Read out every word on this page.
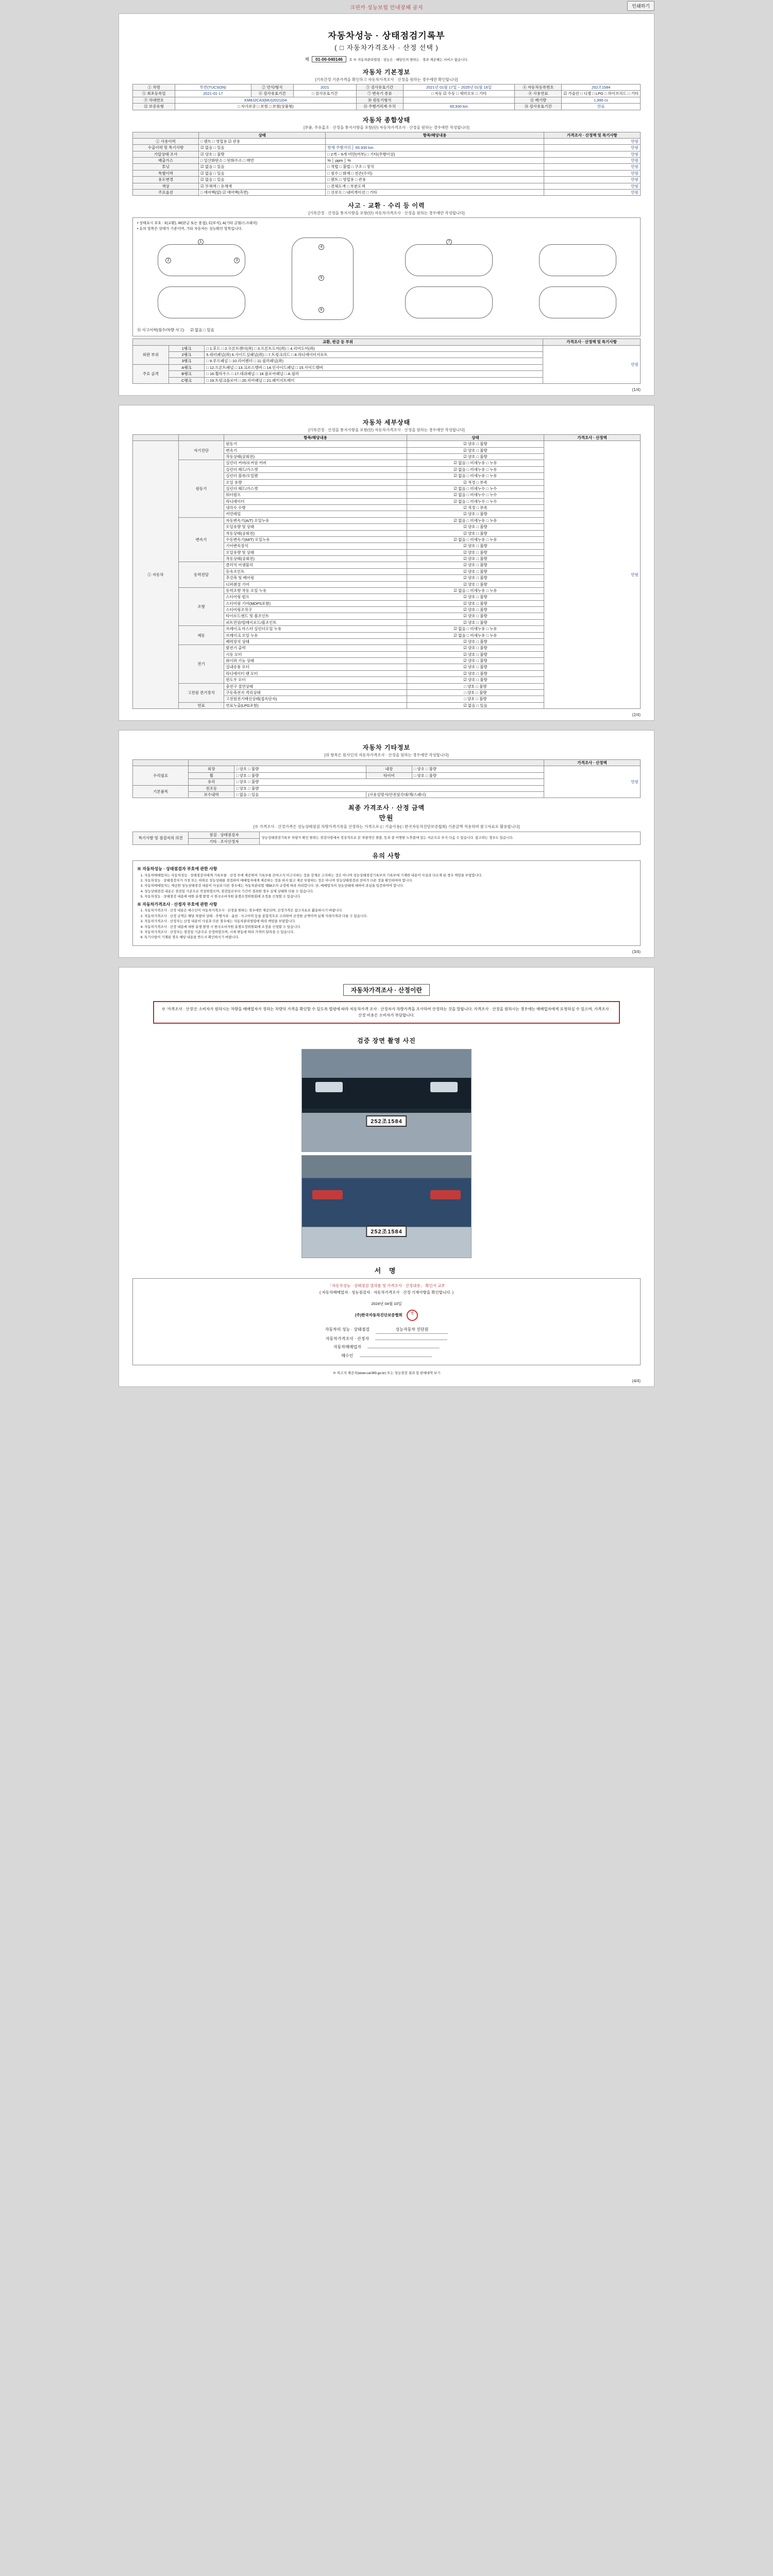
크린카 성능보험 안내장패 공지	인쇄하기
자동차성능 · 상태점검기록부
( □ 자동차가격조사 · 산정 선택 )
제 01-00-040146 호 ※ 자동차관리법령 · 성능은 · 해당인의 범위는 · 경과 제공해는 서비스 없습니다.
자동차 기본정보
[기록간정 기준가격을 확인하고 자동차가격조사 · 산정을 원하는 경우에만 확인합니다]
① 차명	투싼(TUCSON)	② 연식/형식	2021	③ 검사유효기간	2021년 01월 17일 ~ 2025년 01월 16일	④ 자동차등록번호	252조1584
⑤ 최초등록일	2021-01-17	⑥ 검사유효기간	□ 검사유효기간	⑦ 변속기 종류	□ 자동 ☑ 수동 □ 세미오토 □ 기타	⑧ 사용연료	☑ 가솔린 □ 디젤 □ LPG □ 하이브리드 □ 기타
⑨ 차대번호	KM8J2CA3(MU)2021(04			⑩ 원동기형식		⑪ 배기량	1,995 cc
⑫ 보증유형	□ 자가보증 □ 보험 □ 보험(상품형)			⑬ 주행거리계 수치	65,930 km	⑭ 검사유효기간	만료
자동차 종합상태
[부품, 주유홈조 · 산정을 통지사항을 포함(단) 자동차가격조사 · 산정을 원하는 경우에만 작성합니다]
	상태	항목/해당내용	가격조사 · 산정액 및 특기사항
① 사용이력	□ 렌트 □ 영업용 ☑ 관용		만원
수출이력 및 특기사항	☑ 없음 □ 있음	현재 주행거리 │ 65,930 km	만원
가압상태 조사	☑ 양호 □ 불량	□ 2개 ~ 6개 미만(여부) □ 기타(주행이상)	만원
배출가스	□ 일산화탄소 □ 탄화수소 □ 매연	% │ ppm │ %	만원
튜닝	☑ 없음 □ 있음	□ 적법 □ 불법 □ 구조 □ 장치	만원
특별이력	☑ 없음 □ 있음	□ 침수 □ 화재 □ 전손(수리)	만원
용도변경	☑ 없음 □ 있음	□ 렌트 □ 영업용 □ 관용	만원
색상	☑ 무채색 □ 유채색	□ 전체도색 □ 부분도색	만원
주요옵션	□ 에어백(앞) ☑ 에어백(측면)	□ 선루프 □ 내비게이션 □ 기타	만원
사고 · 교환 · 수리 등 이력
[기록간정 · 산정을 통지사항을 포함(단) 자동차가격조사 · 산정을 원하는 경우에만 작성합니다]
• 상태표시 부호 : X(교환), W(판금 또는 용접), C(부식), A(기타 긁힘/스크래치)
• 유의 항목은 상태가 기준이며, 기타 자동차는 성능확인 항목입니다.
1
2	3
4
5
6
7
⑮ 사고이력(침수/차량 사고) ☑ 없음 □ 있음
교환, 판금 등 부위			가격조사 · 산정액 및 특기사항
외판 부위	1랭크	□ 1.후드 □ 2.프론트펜더(좌) □ 3.프론트도어(좌) □ 4.리어도어(좌)	만원
	2랭크	5.쿼터패널(좌) 6.사이드실패널(좌) □ 7.트렁크리드 □ 8.라디에이터서포트	
	3랭크	□ 9.루프패널 □ 10.리어펜더 □ 11.필러패널(좌)	
주요 골격	A랭크	□ 12.프론트패널 □ 13.크로스멤버 □ 14.인사이드패널 □ 15.사이드멤버	
	B랭크	□ 16.휠하우스 □ 17.대쉬패널 □ 18.플로어패널 □ A.필러	
	C랭크	□ 19.트렁크플로어 □ 20.리어패널 □ 21.패키지트레이	
(1/4)
자동차 세부상태
[기록간정 · 산정을 통지사항을 포함(단) 자동차가격조사 · 산정을 원하는 경우에만 작성합니다]
		항목/해당내용	상태	가격조사 · 산정액
① 자동차	자기진단	원동기	☑ 양호 □ 불량	만원
		변속기	☑ 양호 □ 불량	
		작동상태(공회전)	☑ 양호 □ 불량	
	원동기	실린더 커버/로커암 커버	☑ 없음 □ 미세누유 □ 누유	
		실린더 헤드/가스켓	☑ 없음 □ 미세누유 □ 누유	
		실린더 블록/오일팬	☑ 없음 □ 미세누유 □ 누유	
		오일 유량	☑ 적정 □ 부족	
		실린더 헤드/가스켓	☑ 없음 □ 미세누수 □ 누수	
		워터펌프	☑ 없음 □ 미세누수 □ 누수	
		라디에이터	☑ 없음 □ 미세누수 □ 누수	
		냉각수 수량	☑ 적정 □ 부족	
		커먼레일	☑ 양호 □ 불량	
	변속기	자동변속기(A/T) 오일누유	☑ 없음 □ 미세누유 □ 누유	
		오일유량 및 상태	☑ 양호 □ 불량	
		작동상태(공회전)	☑ 양호 □ 불량	
		수동변속기(M/T) 오일누유	☑ 없음 □ 미세누유 □ 누유	
		기어변속장치	☑ 양호 □ 불량	
		오일유량 및 상태	☑ 양호 □ 불량	
		작동상태(공회전)	☑ 양호 □ 불량	
	동력전달	클러치 어셈블리	☑ 양호 □ 불량	
		등속조인트	☑ 양호 □ 불량	
		추진축 및 베어링	☑ 양호 □ 불량	
		디퍼렌셜 기어	☑ 양호 □ 불량	
	조향	동력조향 작동 오일 누유	☑ 없음 □ 미세누유 □ 누유	
		스티어링 펌프	☑ 양호 □ 불량	
		스티어링 기어(MDPS포함)	☑ 양호 □ 불량	
		스티어링조작구	☑ 양호 □ 불량	
		타이로드엔드 및 볼조인트	☑ 양호 □ 불량	
		피트먼암/릴레이로드/볼조인트	☑ 양호 □ 불량	
	제동	브레이크 마스터 실린더오일 누유	☑ 없음 □ 미세누유 □ 누유	
		브레이크 오일 누유	☑ 없음 □ 미세누유 □ 누유	
		배력장치 상태	☑ 양호 □ 불량	
	전기	발전기 출력	☑ 양호 □ 불량	
		시동 모터	☑ 양호 □ 불량	
		와이퍼 기능 상태	☑ 양호 □ 불량	
		실내송풍 모터	☑ 양호 □ 불량	
		라디에이터 팬 모터	☑ 양호 □ 불량	
		윈도우 모터	☑ 양호 □ 불량	
	고전원 전기장치	충전구 절연상태	□ 양호 □ 불량	
		구동축전지 격리상태	□ 양호 □ 불량	
		고전원전기배선상태(접속단자)	□ 양호 □ 불량	
	연료	연료누출(LPG포함)	☑ 없음 □ 있음	
(2/4)
자동차 기타정보
[위 항목은 원사인의 자동차가격조사 · 산정을 원하는 경우에만 작성합니다]
					가격조사 · 산정액
수리필요	외장	□ 양호 □ 불량	내장	□ 양호 □ 불량	만원
	휠	□ 양호 □ 불량	타이어	□ 양호 □ 불량	
	유리	□ 양호 □ 불량			
기본품목	전조등	□ 양호 □ 불량			
	보수내역	□ 없음 □ 있음	(사용설명서/안전삼각대/잭/스패너)		
최종 가격조사 · 산정 금액
만원
[※ 가격조사 · 산정가격은 성능상태점검 차량가격기록을 산정하는 가격으로 (□ 기술사용(□ 한국자동차진단보증협회) 기준금액 적용하며 참고자료로 활용합니다]
특기사항 및 점검자의 의견	점검 · 상태점검자	성능상태점검기록부 차량가 확인 범위는 점검사항에서 정상적으로 본 차량적인 현품, 등과 잘 이행한 노후품에 있는 저온으로 부식 다음 수 있습니다. 참고하는 경우도 있습니다.
기타 · 조사산정자
유의 사항
※ 자동차성능 · 상태점검자 부호에 관한 사항
1. 자동차매매업자는 자동차성능 · 상태점검자에게 기록부를 · 산정 부에 제공하여 기록부를 잔여고지 미고지하는 것을 강제로 고지하는 것은 아니며 성능상태점검기록부의 기록부에 기재한 내용이 사실과 다르게 된 경우 책임을 부담합니다.
2. 자동차성능 · 상태점검자가 거짓 또는 허위로 성능상태를 점검하여 매매업자에게 제공하는 것을 하지 않고 제공 부담하는 것은 아니며 성능상태점검과 잔여가 다른 것을 확인하여야 합니다.
3. 자동차매매업자는 제공한 성능상태점검 내용이 사실과 다른 경우에는 자동차관리법 제58조의 규정에 따라 처리합니다. 단, 매매업자의 성능상태에 대하여 과실을 입증하여야 합니다.
4. 성능상태점검 내용은 점검일 기준으로 작성하였으며, 점검일로부터 기간이 경과한 경우 실제 상태와 다를 수 있습니다.
5. 자동차성능 · 상태점검 내용에 대한 분쟁 발생 시 한국소비자원 분쟁조정위원회에 조정을 신청할 수 있습니다.
※ 자동차가격조사 · 산정자 부호에 관한 사항
1. 자동차가격조사 · 산정 내용은 매수인이 자동차가격조사 · 산정을 원하는 경우에만 제공되며, 산정가격은 참고자료로 활용하시기 바랍니다.
2. 자동차가격조사 · 산정 금액은 해당 차량의 상태 · 주행거리 · 옵션 · 사고이력 등을 종합적으로 고려하여 산정한 금액이며 실제 거래가격과 다를 수 있습니다.
3. 자동차가격조사 · 산정자는 산정 내용이 사실과 다른 경우에는 자동차관리법령에 따라 책임을 부담합니다.
4. 자동차가격조사 · 산정 내용에 대한 분쟁 발생 시 한국소비자원 분쟁조정위원회에 조정을 신청할 수 있습니다.
5. 자동차가격조사 · 산정자는 점검일 기준으로 산정하였으며, 시세 변동에 따라 가격이 달라질 수 있습니다.
6. 특기사항이 기재된 경우 해당 내용을 반드시 확인하시기 바랍니다.
(3/4)
자동차가격조사 · 산정이란
※ '가격조사 · 산정'은 소비자가 원하시는 차량을 매매업자가 정하는 차량의 가격을 확인할 수 있도록 법령에 따라 자동차가격 조사 · 산정자가 차량가격을 조사하여 산정하는 것을 말합니다. 가격조사 · 산정을 원하시는 경우에는 매매업자에게 요청하실 수 있으며, 가격조사 · 산정 비용은 소비자가 부담합니다.
검증 장면 촬영 사진
252조1584
252조1584
서 명
「자동차성능 · 상태점검 결과를 및 가격조사 · 산정내용」 확인서 교부
( 자동차매매업자 · 성능점검자 · 자동차가격조사 · 산정 기재사항을 확인합니다. )
2024년 04월 10일
(주)한국자동차진단보증협회	인
자동차의 성능 · 상태점검	성능자동차 진단원
자동차가격조사 · 산정자
자동차매매업자
매수인
※ 차고지 제공자(www.car365.go.kr) 또는 성능점검 결과 및 판매내역 보기
(4/4)
